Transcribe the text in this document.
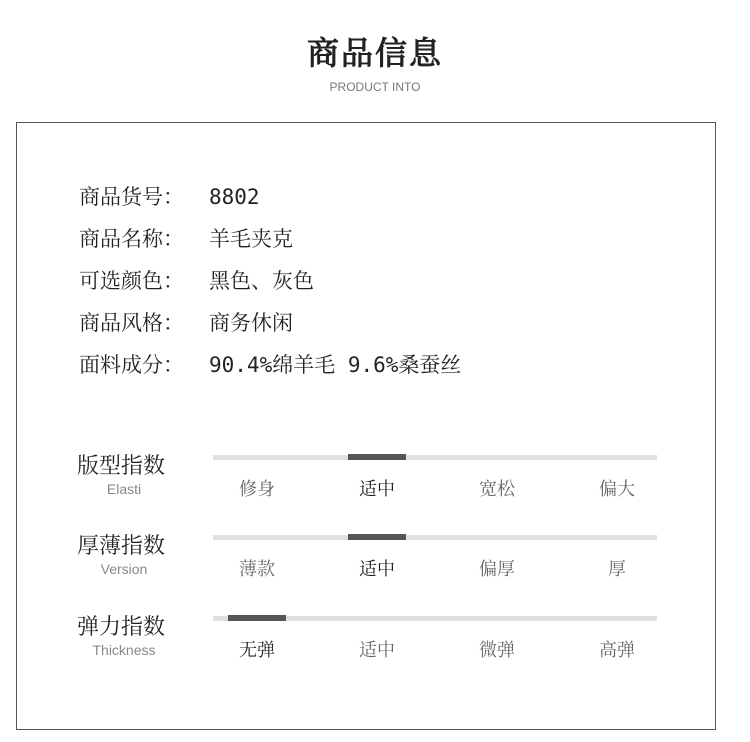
商品信息
PRODUCT INTO
商品货号： 8802
商品名称： 羊毛夹克
可选颜色： 黑色、灰色
商品风格： 商务休闲
面料成分： 90.4%绵羊毛 9.6%桑蚕丝
版型指数
Elasti	修身	适中	宽松	偏大
厚薄指数
Version	薄款	适中	偏厚	厚
弹力指数
Thickness	无弹	适中	微弹	高弹
